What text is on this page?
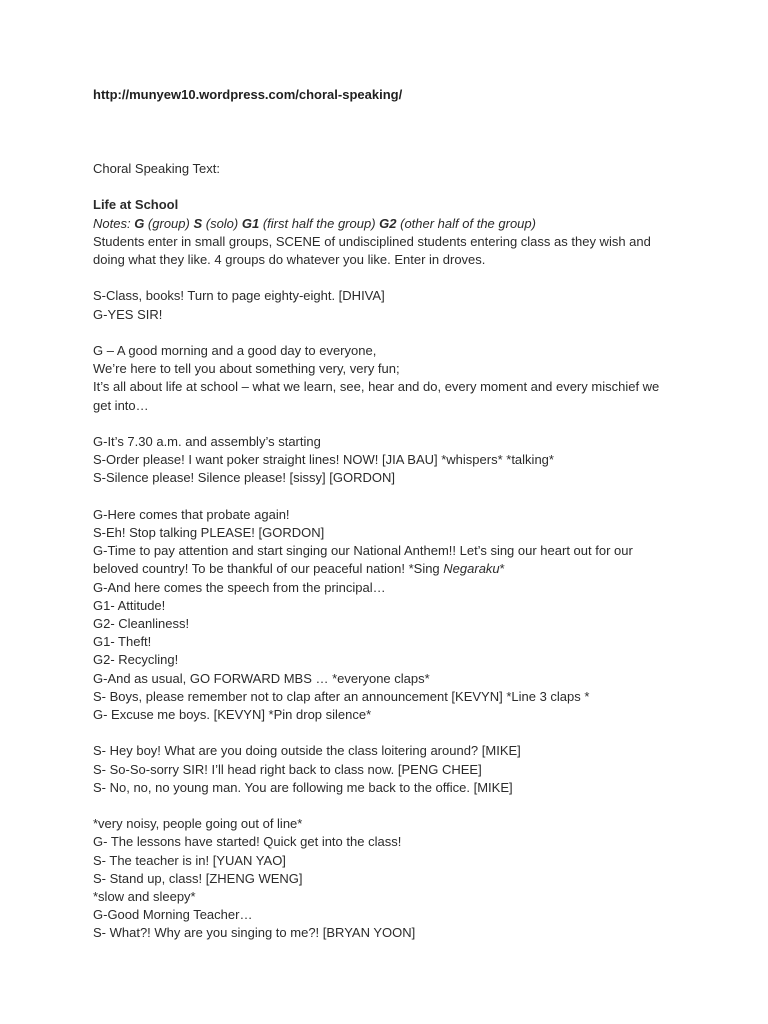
http://munyew10.wordpress.com/choral-speaking/
Choral Speaking Text:
Life at School
Notes: G (group) S (solo) G1 (first half the group) G2 (other half of the group)
Students enter in small groups, SCENE of undisciplined students entering class as they wish and
doing what they like. 4 groups do whatever you like. Enter in droves.
S-Class, books! Turn to page eighty-eight. [DHIVA]
G-YES SIR!
G – A good morning and a good day to everyone,
We’re here to tell you about something very, very fun;
It’s all about life at school – what we learn, see, hear and do, every moment and every mischief we
get into…
G-It’s 7.30 a.m. and assembly’s starting
S-Order please! I want poker straight lines! NOW! [JIA BAU] *whispers* *talking*
S-Silence please! Silence please! [sissy] [GORDON]
G-Here comes that probate again!
S-Eh! Stop talking PLEASE! [GORDON]
G-Time to pay attention and start singing our National Anthem!! Let’s sing our heart out for our
beloved country! To be thankful of our peaceful nation! *Sing Negaraku*
G-And here comes the speech from the principal…
G1- Attitude!
G2- Cleanliness!
G1- Theft!
G2- Recycling!
G-And as usual, GO FORWARD MBS … *everyone claps*
S- Boys, please remember not to clap after an announcement [KEVYN] *Line 3 claps *
G- Excuse me boys. [KEVYN] *Pin drop silence*
S- Hey boy! What are you doing outside the class loitering around? [MIKE]
S- So-So-sorry SIR! I’ll head right back to class now. [PENG CHEE]
S- No, no, no young man. You are following me back to the office. [MIKE]
*very noisy, people going out of line*
G- The lessons have started! Quick get into the class!
S- The teacher is in! [YUAN YAO]
S- Stand up, class! [ZHENG WENG]
*slow and sleepy*
G-Good Morning Teacher…
S- What?! Why are you singing to me?! [BRYAN YOON]
